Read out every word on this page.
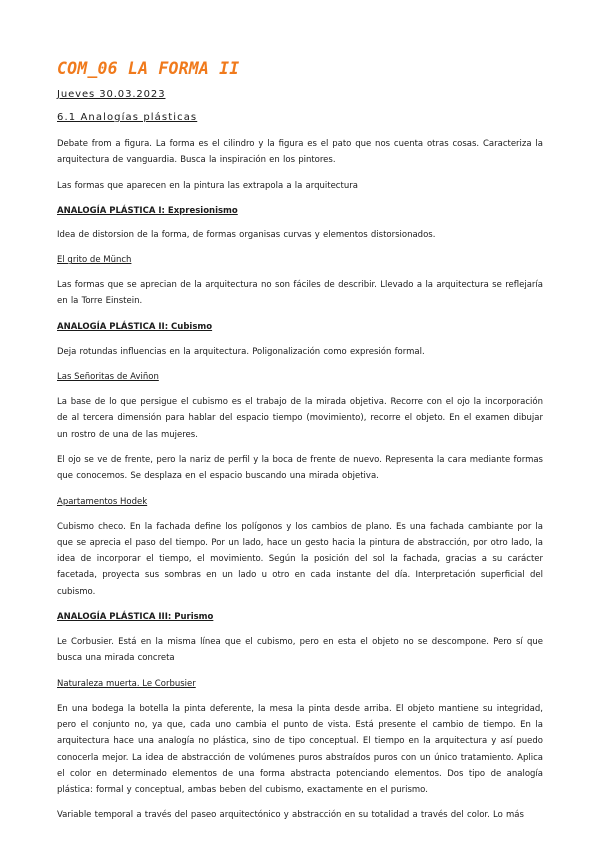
COM_06 LA FORMA II
Jueves 30.03.2023
6.1 Analogías plásticas

Debate from a figura. La forma es el cilindro y la figura es el pato que nos cuenta otras cosas. Caracteriza la arquitectura de vanguardia. Busca la inspiración en los pintores.

Las formas que aparecen en la pintura las extrapola a la arquitectura

ANALOGÍA PLÁSTICA I: Expresionismo

Idea de distorsion de la forma, de formas organisas curvas y elementos distorsionados.

El grito de Münch

Las formas que se aprecian de la arquitectura no son fáciles de describir. Llevado a la arquitectura se reflejaría en la Torre Einstein.

ANALOGÍA PLÁSTICA II: Cubismo

Deja rotundas influencias en la arquitectura. Poligonalización como expresión formal.

Las Señoritas de Aviñon

La base de lo que persigue el cubismo es el trabajo de la mirada objetiva. Recorre con el ojo la incorporación de al tercera dimensión para hablar del espacio tiempo (movimiento), recorre el objeto. En el examen dibujar un rostro de una de las mujeres.

El ojo se ve de frente, pero la nariz de perfil y la boca de frente de nuevo. Representa la cara mediante formas que conocemos. Se desplaza en el espacio buscando una mirada objetiva.

Apartamentos Hodek

Cubismo checo. En la fachada define los polígonos y los cambios de plano. Es una fachada cambiante por la que se aprecia el paso del tiempo. Por un lado, hace un gesto hacia la pintura de abstracción, por otro lado, la idea de incorporar el tiempo, el movimiento. Según la posición del sol la fachada, gracias a su carácter facetada, proyecta sus sombras en un lado u otro en cada instante del día. Interpretación superficial del cubismo.

ANALOGÍA PLÁSTICA III: Purismo

Le Corbusier. Está en la misma línea que el cubismo, pero en esta el objeto no se descompone. Pero sí que busca una mirada concreta

Naturaleza muerta. Le Corbusier

En una bodega la botella la pinta deferente, la mesa la pinta desde arriba. El objeto mantiene su integridad, pero el conjunto no, ya que, cada uno cambia el punto de vista. Está presente el cambio de tiempo. En la arquitectura hace una analogía no plástica, sino de tipo conceptual. El tiempo en la arquitectura y así puedo conocerla mejor. La idea de abstracción de volúmenes puros abstraídos puros con un único tratamiento. Aplica el color en determinado elementos de una forma abstracta potenciando elementos. Dos tipo de analogía plástica: formal y conceptual, ambas beben del cubismo, exactamente en el purismo.

Variable temporal a través del paseo arquitectónico y abstracción en su totalidad a través del color. Lo más
